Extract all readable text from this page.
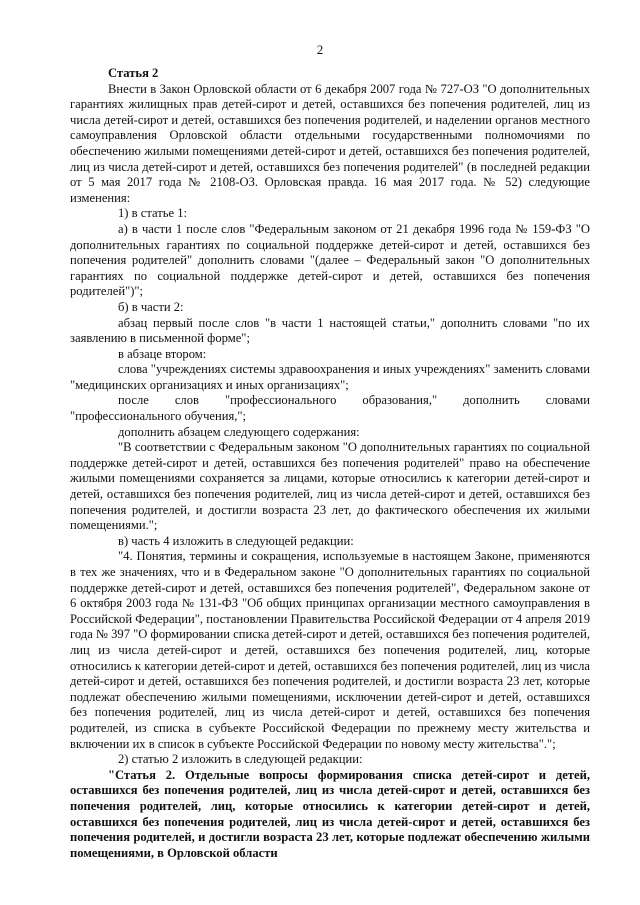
2

Статья 2

Внести в Закон Орловской области от 6 декабря 2007 года № 727-ОЗ "О дополнительных гарантиях жилищных прав детей-сирот и детей, оставшихся без попечения родителей, лиц из числа детей-сирот и детей, оставшихся без попечения родителей, и наделении органов местного самоуправления Орловской области отдельными государственными полномочиями по обеспечению жилыми помещениями детей-сирот и детей, оставшихся без попечения родителей, лиц из числа детей-сирот и детей, оставшихся без попечения родителей" (в последней редакции от 5 мая 2017 года № 2108-ОЗ. Орловская правда. 16 мая 2017 года. № 52) следующие изменения:

1) в статье 1:

а) в части 1 после слов "Федеральным законом от 21 декабря 1996 года № 159-ФЗ "О дополнительных гарантиях по социальной поддержке детей-сирот и детей, оставшихся без попечения родителей" дополнить словами "(далее – Федеральный закон "О дополнительных гарантиях по социальной поддержке детей-сирот и детей, оставшихся без попечения родителей")";

б) в части 2:

абзац первый после слов "в части 1 настоящей статьи," дополнить словами "по их заявлению в письменной форме";

в абзаце втором:

слова "учреждениях системы здравоохранения и иных учреждениях" заменить словами "медицинских организациях и иных организациях";

после слов "профессионального образования," дополнить словами "профессионального обучения,";

дополнить абзацем следующего содержания:

"В соответствии с Федеральным законом "О дополнительных гарантиях по социальной поддержке детей-сирот и детей, оставшихся без попечения родителей" право на обеспечение жилыми помещениями сохраняется за лицами, которые относились к категории детей-сирот и детей, оставшихся без попечения родителей, лиц из числа детей-сирот и детей, оставшихся без попечения родителей, и достигли возраста 23 лет, до фактического обеспечения их жилыми помещениями.";

в) часть 4 изложить в следующей редакции:

"4. Понятия, термины и сокращения, используемые в настоящем Законе, применяются в тех же значениях, что и в Федеральном законе "О дополнительных гарантиях по социальной поддержке детей-сирот и детей, оставшихся без попечения родителей", Федеральном законе от 6 октября 2003 года № 131-ФЗ "Об общих принципах организации местного самоуправления в Российской Федерации", постановлении Правительства Российской Федерации от 4 апреля 2019 года № 397 "О формировании списка детей-сирот и детей, оставшихся без попечения родителей, лиц из числа детей-сирот и детей, оставшихся без попечения родителей, лиц, которые относились к категории детей-сирот и детей, оставшихся без попечения родителей, лиц из числа детей-сирот и детей, оставшихся без попечения родителей, и достигли возраста 23 лет, которые подлежат обеспечению жилыми помещениями, исключении детей-сирот и детей, оставшихся без попечения родителей, лиц из числа детей-сирот и детей, оставшихся без попечения родителей, из списка в субъекте Российской Федерации по прежнему месту жительства и включении их в список в субъекте Российской Федерации по новому месту жительства".";

2) статью 2 изложить в следующей редакции:

"Статья 2. Отдельные вопросы формирования списка детей-сирот и детей, оставшихся без попечения родителей, лиц из числа детей-сирот и детей, оставшихся без попечения родителей, лиц, которые относились к категории детей-сирот и детей, оставшихся без попечения родителей, лиц из числа детей-сирот и детей, оставшихся без попечения родителей, и достигли возраста 23 лет, которые подлежат обеспечению жилыми помещениями, в Орловской области
